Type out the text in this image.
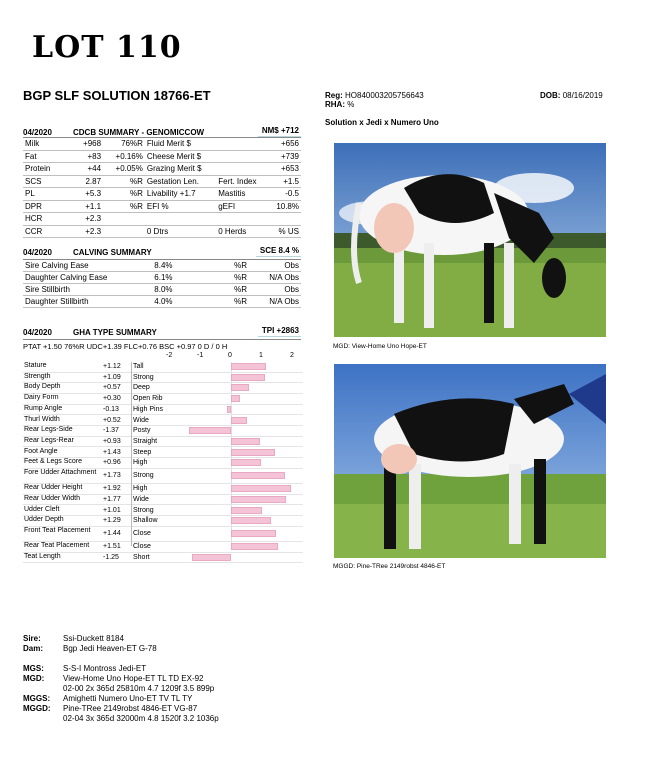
LOT 110
BGP SLF SOLUTION 18766-ET	Reg: HO840003205756643
RHA: %
DOB: 08/16/2019
Solution x Jedi x Numero Uno
04/2020	CDCB SUMMARY - GENOMICCOW	NM$ +712
Milk	+968	76%R	Fluid Merit $		+656
Fat	+83	+0.16%	Cheese Merit $		+739
Protein	+44	+0.05%	Grazing Merit $		+653
SCS	2.87	%R	Gestation Len.	Fert. Index	+1.5
PL	+5.3	%R	Livability +1.7	Mastitis	-0.5
DPR	+1.1	%R	EFI %	gEFI	10.8%
HCR	+2.3				
CCR	+2.3		0 Dtrs	0 Herds	% US
04/2020	CALVING SUMMARY	SCE 8.4 %
Sire Calving Ease	8.4%	%R	Obs
Daughter Calving Ease	6.1%	%R	N/A Obs
Sire Stillbirth	8.0%	%R	Obs
Daughter Stillbirth	4.0%	%R	N/A Obs
04/2020	GHA TYPE SUMMARY	TPI +2863
PTAT +1.50 76%R UDC+1.39 FLC+0.76 BSC +0.97 0 D / 0 H
-2	-1	0	1	2
Stature	+1.12 Tall
Strength	+1.09 Strong
Body Depth	+0.57 Deep
Dairy Form	+0.30 Open Rib
Rump Angle	-0.13 High Pins
Thurl Width	+0.52 Wide
Rear Legs-Side	-1.37 Posty
Rear Legs-Rear	+0.93 Straight
Foot Angle	+1.43 Steep
Feet & Legs Score	+0.96 High
Fore Udder Attachment +1.73 Strong
Rear Udder Height	+1.92 High
Rear Udder Width	+1.77 Wide
Udder Cleft	+1.01 Strong
Udder Depth	+1.29 Shallow
Front Teat Placement	+1.44 Close
Rear Teat Placement	+1.51 Close
Teat Length	-1.25 Short
MGD: View-Home Uno Hope-ET
MGGD: Pine-TRee 2149robst 4846-ET
Sire:	Ssi-Duckett 8184
Dam:	Bgp Jedi Heaven-ET G-78

MGS:	S-S-I Montross Jedi-ET
MGD:	View-Home Uno Hope-ET TL TD EX-92
	02-00 2x 365d 25810m 4.7 1209f 3.5 899p
MGGS:	Amighetti Numero Uno-ET TV TL TY
MGGD:	Pine-TRee 2149robst 4846-ET VG-87
	02-04 3x 365d 32000m 4.8 1520f 3.2 1036p
